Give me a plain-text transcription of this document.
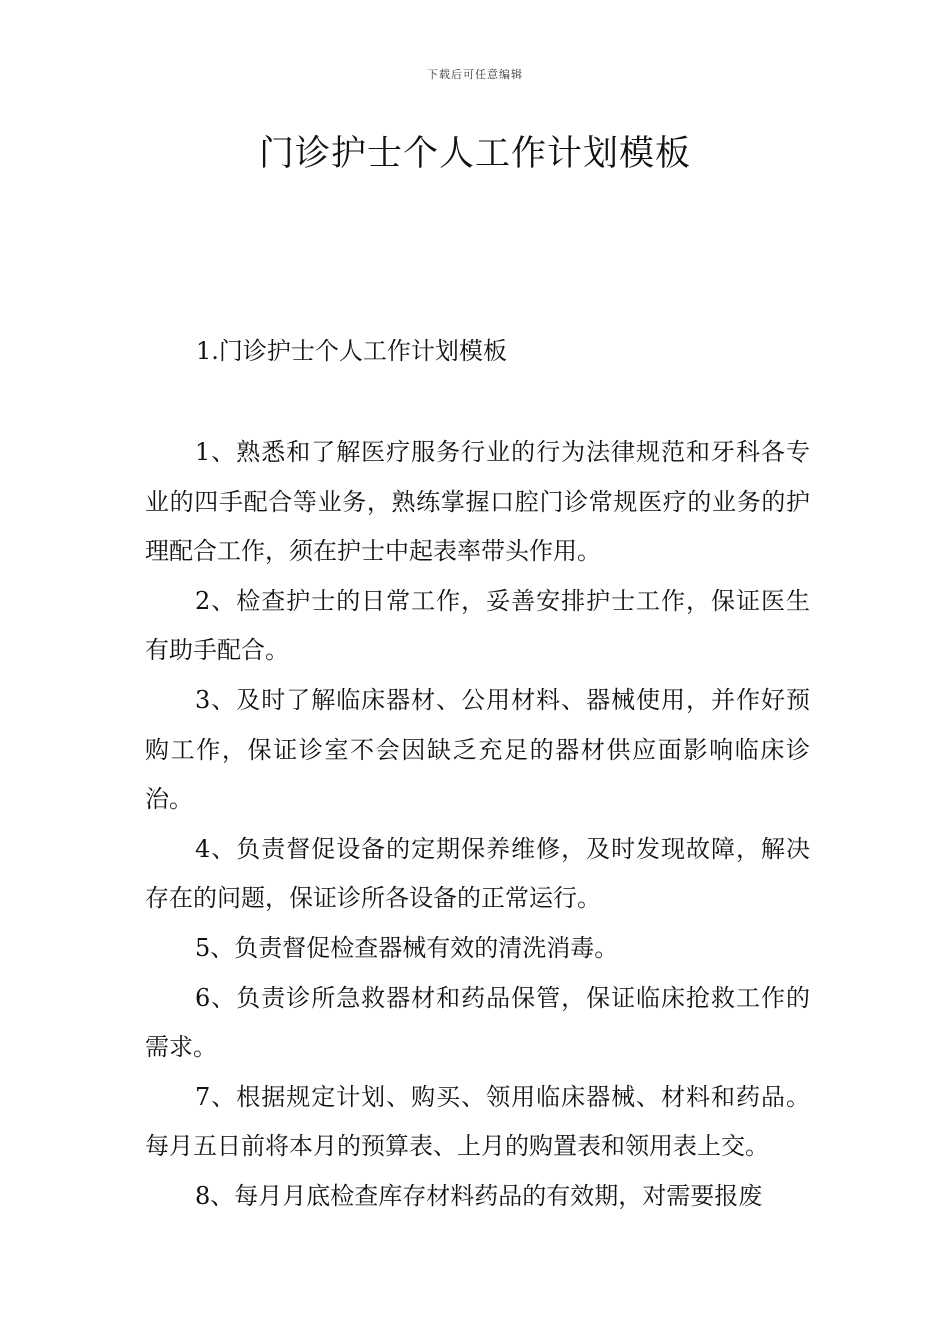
下载后可任意编辑
门诊护士个人工作计划模板
1.门诊护士个人工作计划模板

1、熟悉和了解医疗服务行业的行为法律规范和牙科各专业的四手配合等业务，熟练掌握口腔门诊常规医疗的业务的护理配合工作，须在护士中起表率带头作用。

2、检查护士的日常工作，妥善安排护士工作，保证医生有助手配合。

3、及时了解临床器材、公用材料、器械使用，并作好预购工作，保证诊室不会因缺乏充足的器材供应面影响临床诊治。

4、负责督促设备的定期保养维修，及时发现故障，解决存在的问题，保证诊所各设备的正常运行。

5、负责督促检查器械有效的清洗消毒。

6、负责诊所急救器材和药品保管，保证临床抢救工作的需求。

7、根据规定计划、购买、领用临床器械、材料和药品。每月五日前将本月的预算表、上月的购置表和领用表上交。

8、每月月底检查库存材料药品的有效期，对需要报废
